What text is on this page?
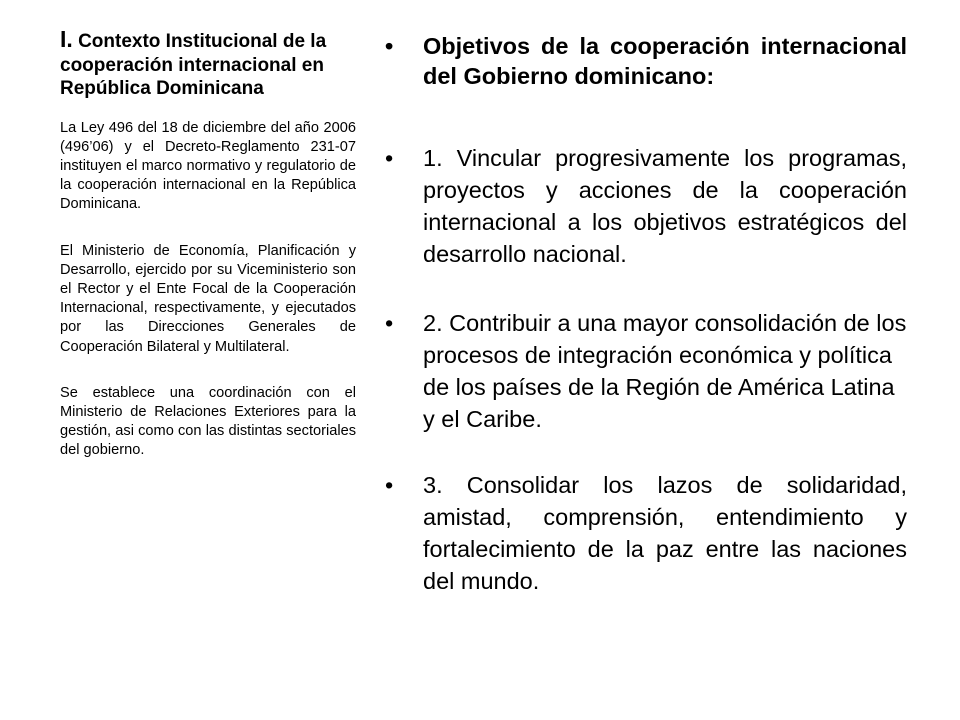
I. Contexto Institucional de la cooperación internacional en República Dominicana

La Ley 496 del 18 de diciembre del año 2006 (496’06) y el Decreto-Reglamento 231-07 instituyen el marco normativo y regulatorio de la cooperación internacional en la República Dominicana.

El Ministerio de Economía, Planificación y Desarrollo, ejercido por su Viceministerio son el Rector y el Ente Focal de la Cooperación Internacional, respectivamente, y ejecutados por las Direcciones Generales de Cooperación Bilateral y Multilateral.

Se establece una coordinación con el Ministerio de Relaciones Exteriores para la gestión, asi como con las distintas sectoriales del gobierno.

• Objetivos de la cooperación internacional del Gobierno dominicano:
• 1. Vincular progresivamente los programas, proyectos y acciones de la cooperación internacional a los objetivos estratégicos del desarrollo nacional.
• 2. Contribuir a una mayor consolidación de los procesos de integración económica y política de los países de la Región de América Latina y el Caribe.
• 3. Consolidar los lazos de solidaridad, amistad, comprensión, entendimiento y fortalecimiento de la paz entre las naciones del mundo.
